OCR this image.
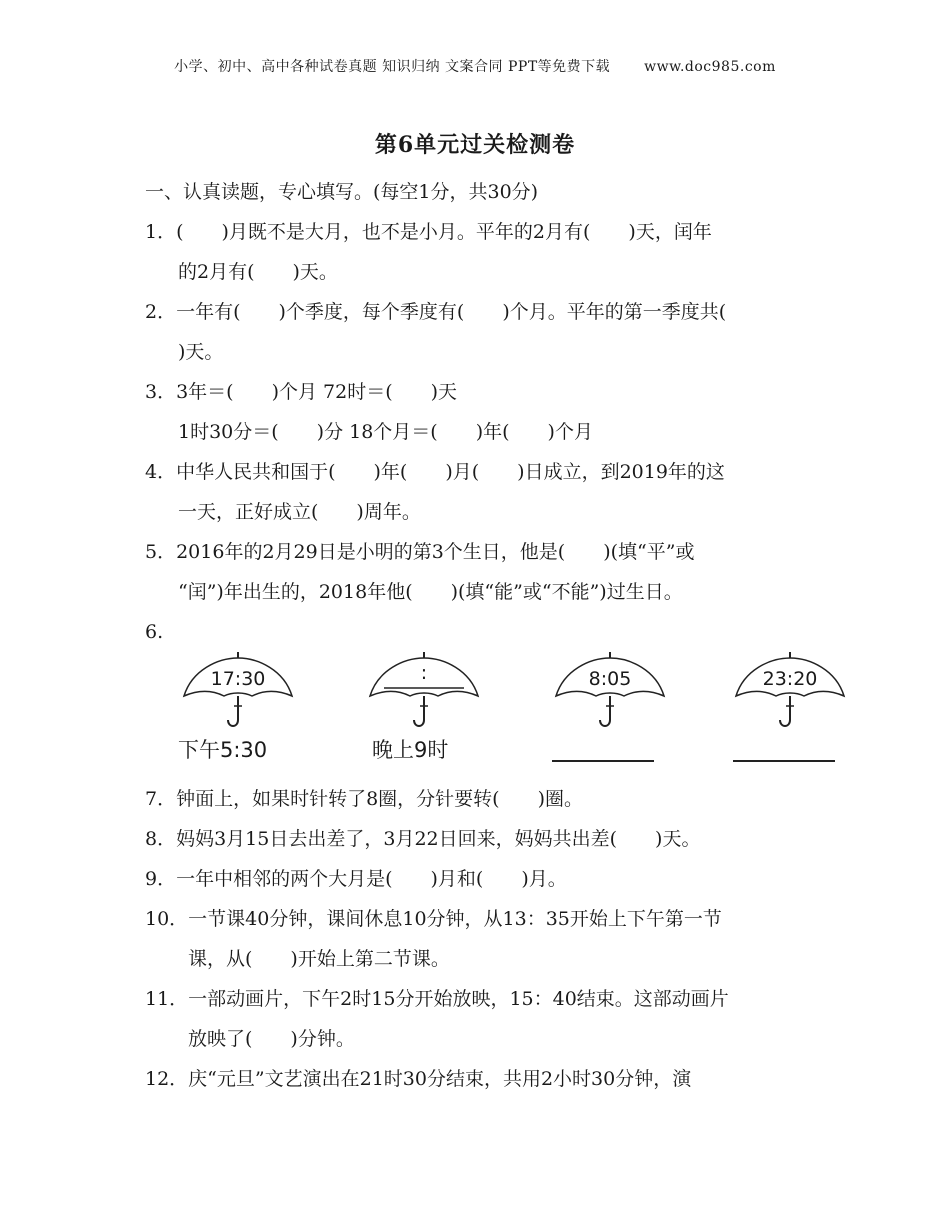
小学、初中、高中各种试卷真题 知识归纳 文案合同 PPT等免费下载 www.doc985.com
第6单元过关检测卷
一、认真读题，专心填写。(每空1分，共30分)
1．(　　)月既不是大月，也不是小月。平年的2月有(　　)天，闰年
的2月有(　　)天。
2．一年有(　　)个季度，每个季度有(　　)个月。平年的第一季度共(
)天。
3．3年＝(　　)个月 72时＝(　　)天
1时30分＝(　　)分 18个月＝(　　)年(　　)个月
4．中华人民共和国于(　　)年(　　)月(　　)日成立，到2019年的这
一天，正好成立(　　)周年。
5．2016年的2月29日是小明的第3个生日，他是(　　)(填“平”或
“闰”)年出生的，2018年他(　　)(填“能”或“不能”)过生日。
6.
17:30
下午5:30
:
晚上9时
8:05	23:20
7．钟面上，如果时针转了8圈，分针要转(　　)圈。
8．妈妈3月15日去出差了，3月22日回来，妈妈共出差(　　)天。
9．一年中相邻的两个大月是(　　)月和(　　)月。
10．一节课40分钟，课间休息10分钟，从13：35开始上下午第一节
课，从(　　)开始上第二节课。
11．一部动画片，下午2时15分开始放映，15：40结束。这部动画片
放映了(　　)分钟。
12．庆“元旦”文艺演出在21时30分结束，共用2小时30分钟，演
